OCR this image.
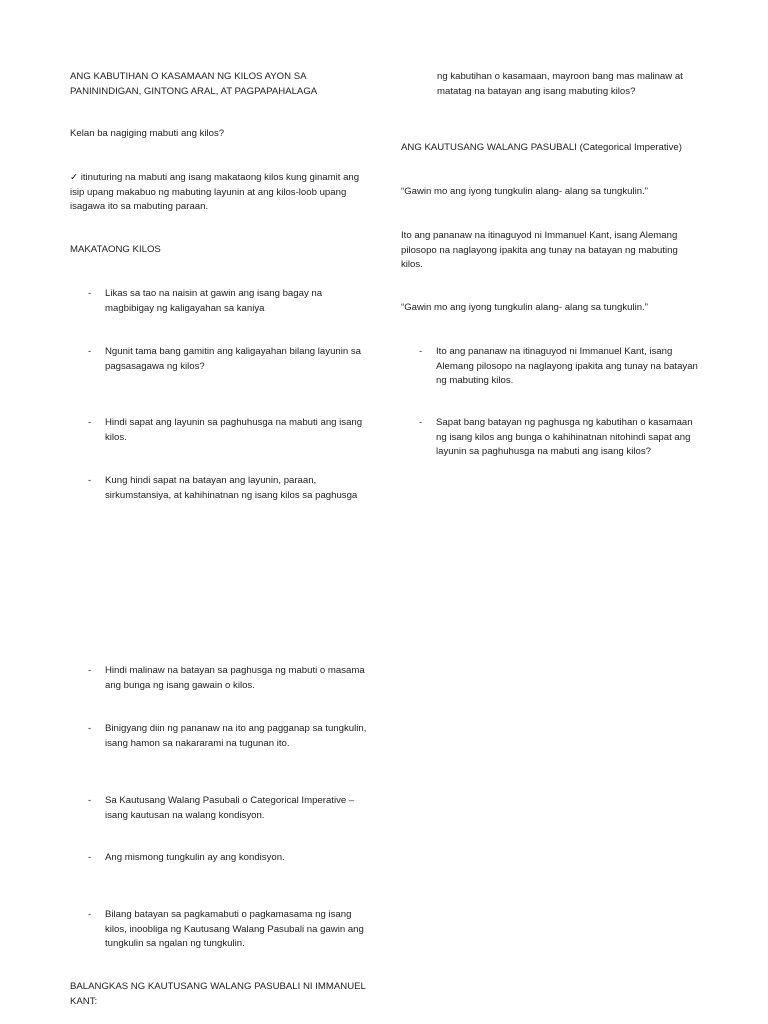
ANG KABUTIHAN O KASAMAAN NG KILOS AYON SA PANININDIGAN, GINTONG ARAL, AT PAGPAPAHALAGA

Kelan ba nagiging mabuti ang kilos?

✓ itinuturing na mabuti ang isang makataong kilos kung ginamit ang isip upang makabuo ng mabuting layunin at ang kilos-loob upang isagawa ito sa mabuting paraan.

MAKATAONG KILOS

- Likas sa tao na naisin at gawin ang isang bagay na magbibigay ng kaligayahan sa kaniya

- Ngunit tama bang gamitin ang kaligayahan bilang layunin sa pagsasagawa ng kilos?

- Hindi sapat ang layunin sa paghuhusga na mabuti ang isang kilos.

- Kung hindi sapat na batayan ang layunin, paraan, sirkumstansiya, at kahihinatnan ng isang kilos sa paghusga

- Hindi malinaw na batayan sa paghusga ng mabuti o masama ang bunga ng isang gawain o kilos.

- Binigyang diin ng pananaw na ito ang pagganap sa tungkulin, isang hamon sa nakararami na tugunan ito.

- Sa Kautusang Walang Pasubali o Categorical Imperative – isang kautusan na walang kondisyon.

- Ang mismong tungkulin ay ang kondisyon.

- Bilang batayan sa pagkamabuti o pagkamasama ng isang kilos, inoobliga ng Kautusang Walang Pasubali na gawin ang tungkulin sa ngalan ng tungkulin.

BALANGKAS NG KAUTUSANG WALANG PASUBALI NI IMMANUEL KANT:

ng kabutihan o kasamaan, mayroon bang mas malinaw at matatag na batayan ang isang mabuting kilos?

ANG KAUTUSANG WALANG PASUBALI (Categorical Imperative)

“Gawin mo ang iyong tungkulin alang- alang sa tungkulin.”

Ito ang pananaw na itinaguyod ni Immanuel Kant, isang Alemang pilosopo na naglayong ipakita ang tunay na batayan ng mabuting kilos.

“Gawin mo ang iyong tungkulin alang- alang sa tungkulin.”

- Ito ang pananaw na itinaguyod ni Immanuel Kant, isang Alemang pilosopo na naglayong ipakita ang tunay na batayan ng mabuting kilos.

- Sapat bang batayan ng paghusga ng kabutihan o kasamaan ng isang kilos ang bunga o kahihinatnan nitohindi sapat ang layunin sa paghuhusga na mabuti ang isang kilos?
